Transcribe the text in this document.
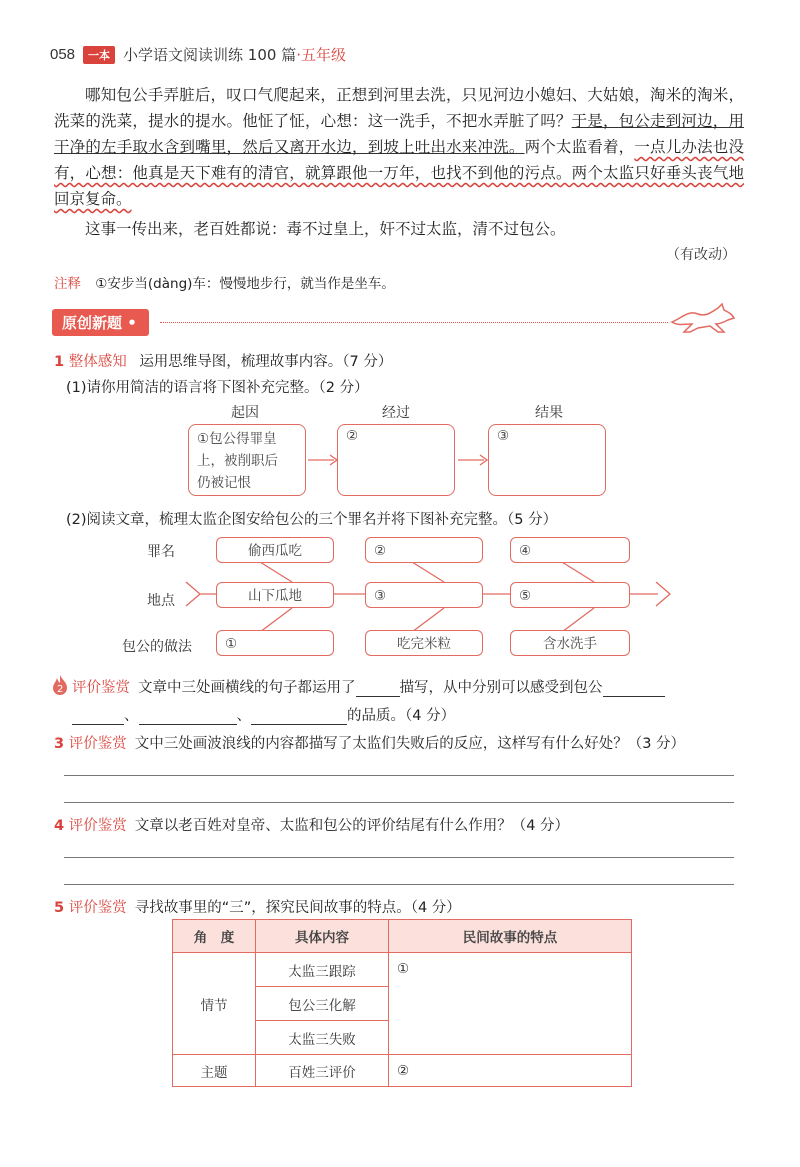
058	一本 小学语文阅读训练 100 篇 · 五年级
哪知包公手弄脏后，叹口气爬起来，正想到河里去洗，只见河边小媳妇、大姑娘，淘米的淘米，洗菜的洗菜，提水的提水。他怔了怔，心想：这一洗手，不把水弄脏了吗？于是，包公走到河边，用干净的左手取水含到嘴里，然后又离开水边，到坡上吐出水来冲洗。两个太监看着，一点儿办法也没有，心想：他真是天下难有的清官，就算跟他一万年，也找不到他的污点。两个太监只好垂头丧气地回京复命。
这事一传出来，老百姓都说：毒不过皇上，奸不过太监，清不过包公。
（有改动）
注释 ①安步当(dàng)车：慢慢地步行，就当作是坐车。
原创新题 •
1 整体感知 运用思维导图，梳理故事内容。（7 分）
(1)请你用简洁的语言将下图补充完整。（2 分）
起因	经过	结果
①包公得罪皇
上，被削职后
仍被记恨
②	③
(2)阅读文章，梳理太监企图安给包公的三个罪名并将下图补充完整。（5 分）
罪名
地点
包公的做法
偷西瓜吃	②	④
山下瓜地	③	⑤
①	吃完米粒	含水洗手
2 评价鉴赏 文章中三处画横线的句子都运用了	描写，从中分别可以感受到包公
、	、	的品质。（4 分）
3 评价鉴赏 文中三处画波浪线的内容都描写了太监们失败后的反应，这样写有什么好处？（3 分）
4 评价鉴赏 文章以老百姓对皇帝、太监和包公的评价结尾有什么作用？（4 分）
5 评价鉴赏 寻找故事里的“三”，探究民间故事的特点。（4 分）
角　度	具体内容	民间故事的特点
情节	太监三跟踪	①
	包公三化解	
	太监三失败	
主题	百姓三评价	②
